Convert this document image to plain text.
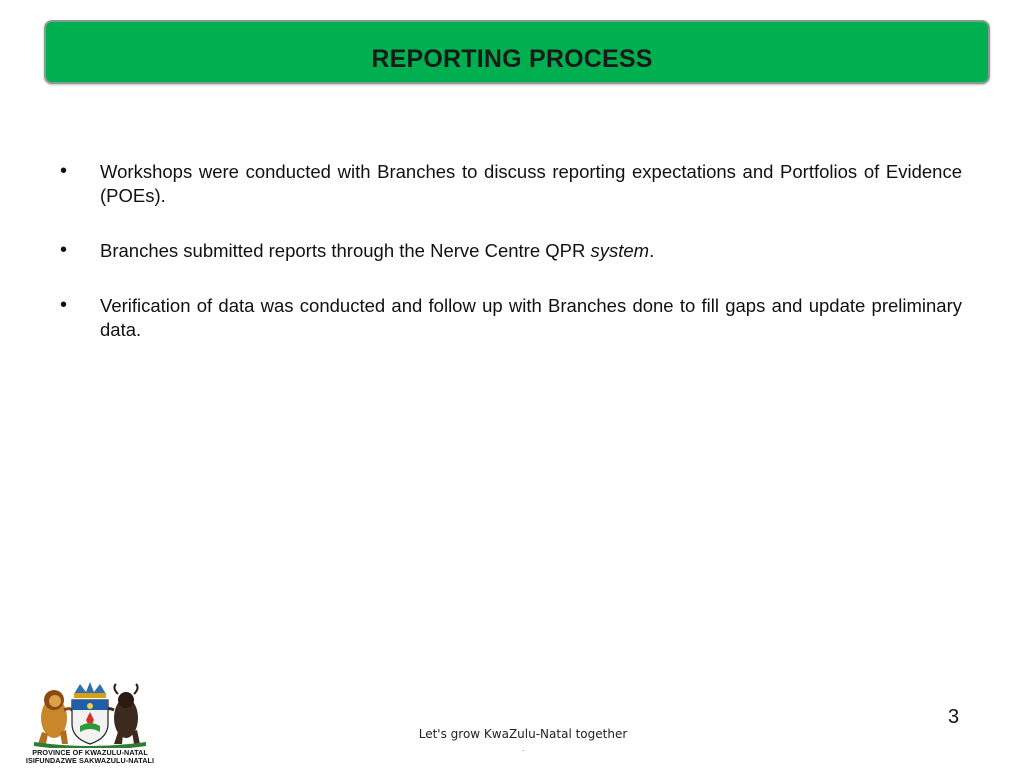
REPORTING PROCESS
• Workshops were conducted with Branches to discuss reporting expectations and Portfolios of Evidence (POEs).
• Branches submitted reports through the Nerve Centre QPR system.
• Verification of data was conducted and follow up with Branches done to fill gaps and update preliminary data.
PROVINCE OF KWAZULU-NATAL
ISIFUNDAZWE SAKWAZULU-NATALI
Let's grow KwaZulu-Natal together
.
3
